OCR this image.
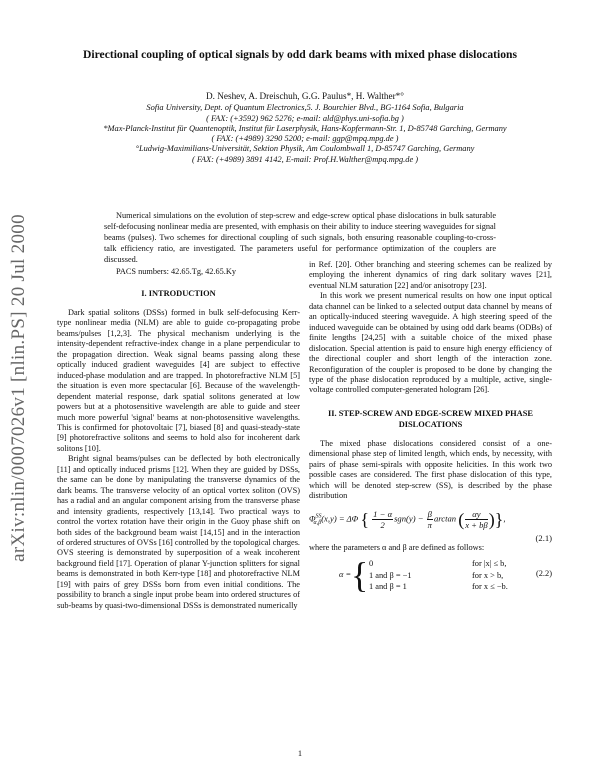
arXiv:nlin/0007026v1 [nlin.PS] 20 Jul 2000
Directional coupling of optical signals by odd dark beams with mixed phase dislocations
D. Neshev, A. Dreischuh, G.G. Paulus*, H. Walther*°
Sofia University, Dept. of Quantum Electronics,5. J. Bourchier Blvd., BG-1164 Sofia, Bulgaria
( FAX: (+3592) 962 5276; e-mail: ald@phys.uni-sofia.bg )
*Max-Planck-Institut für Quantenoptik, Institut für Laserphysik, Hans-Kopfermann-Str. 1, D-85748 Garching, Germany
( FAX: (+4989) 3290 5200; e-mail: ggp@mpq.mpg.de )
°Ludwig-Maximilians-Universität, Sektion Physik, Am Coulombwall 1, D-85747 Garching, Germany
( FAX: (+4989) 3891 4142, E-mail: Prof.H.Walther@mpq.mpg.de )

Numerical simulations on the evolution of step-screw and edge-screw optical phase dislocations in bulk saturable self-defocusing nonlinear media are presented, with emphasis on their ability to induce steering waveguides for signal beams (pulses). Two schemes for directional coupling of such signals, both ensuring reasonable coupling-to-cross-talk efficiency ratio, are investigated. The parameters useful for performance optimization of the couplers are discussed.

PACS numbers: 42.65.Tg, 42.65.Ky

I. INTRODUCTION

Dark spatial solitons (DSSs) formed in bulk self-defocusing Kerr-type nonlinear media (NLM) are able to guide co-propagating probe beams/pulses [1,2,3]. The physical mechanism underlying is the intensity-dependent refractive-index change in a plane perpendicular to the propagation direction. Weak signal beams passing along these optically induced gradient waveguides [4] are subject to effective induced-phase modulation and are trapped. In photorefractive NLM [5] the situation is even more spectacular [6]. Because of the wavelength-dependent material response, dark spatial solitons generated at low powers but at a photosensitive wavelength are able to guide and steer much more powerful 'signal' beams at non-photosensitive wavelengths. This is confirmed for photovoltaic [7], biased [8] and quasi-steady-state [9] photorefractive solitons and seems to hold also for incoherent dark solitons [10].

Bright signal beams/pulses can be deflected by both electronically [11] and optically induced prisms [12]. When they are guided by DSSs, the same can be done by manipulating the transverse dynamics of the dark beams. The transverse velocity of an optical vortex soliton (OVS) has a radial and an angular component arising from the transverse phase and intensity gradients, respectively [13,14]. Two practical ways to control the vortex rotation have their origin in the Guoy phase shift on both sides of the background beam waist [14,15] and in the interaction of ordered structures of OVSs [16] controlled by the topological charges. OVS steering is demonstrated by superposition of a weak incoherent background field [17]. Operation of planar Y-junction splitters for signal beams is demonstrated in both Kerr-type [18] and photorefractive NLM [19] with pairs of grey DSSs born from even initial conditions. The possibility to branch a single input probe beam into ordered structures of sub-beams by quasi-two-dimensional DSSs is demonstrated numerically

in Ref. [20]. Other branching and steering schemes can be realized by employing the inherent dynamics of ring dark solitary waves [21], eventual NLM saturation [22] and/or anisotropy [23].

In this work we present numerical results on how one input optical data channel can be linked to a selected output data channel by means of an optically-induced steering waveguide. A high steering speed of the induced waveguide can be obtained by using odd dark beams (ODBs) of finite lengths [24,25] with a suitable choice of the mixed phase dislocation. Special attention is paid to ensure high energy efficiency of the directional coupler and short length of the interaction zone. Reconfiguration of the coupler is proposed to be done by changing the type of the phase dislocation reproduced by a multiple, active, single-voltage controlled computer-generated hologram [26].

II. STEP-SCREW AND EDGE-SCREW MIXED PHASE DISLOCATIONS

The mixed phase dislocations considered consist of a one-dimensional phase step of limited length, which ends, by necessity, with pairs of phase semi-spirals with opposite helicities. In this work two possible cases are considered. The first phase dislocation of this type, which will be denoted step-screw (SS), is described by the phase distribution

$\Phi^{SS}_{\alpha,\beta}(x,y) = \Delta\Phi$ { $\frac{1 - \alpha}{2} sgn(y) - \frac{\beta}{\pi}$ arctan ( $\frac{\alpha y}{x + b\beta}$ )},
(2.1)

where the parameters α and β are defined as follows:

α = { 0
1 and β = −1
1 and β = 1
for |x| ≤ b,
for x > b,
for x ≤ −b.
(2.2)
1
